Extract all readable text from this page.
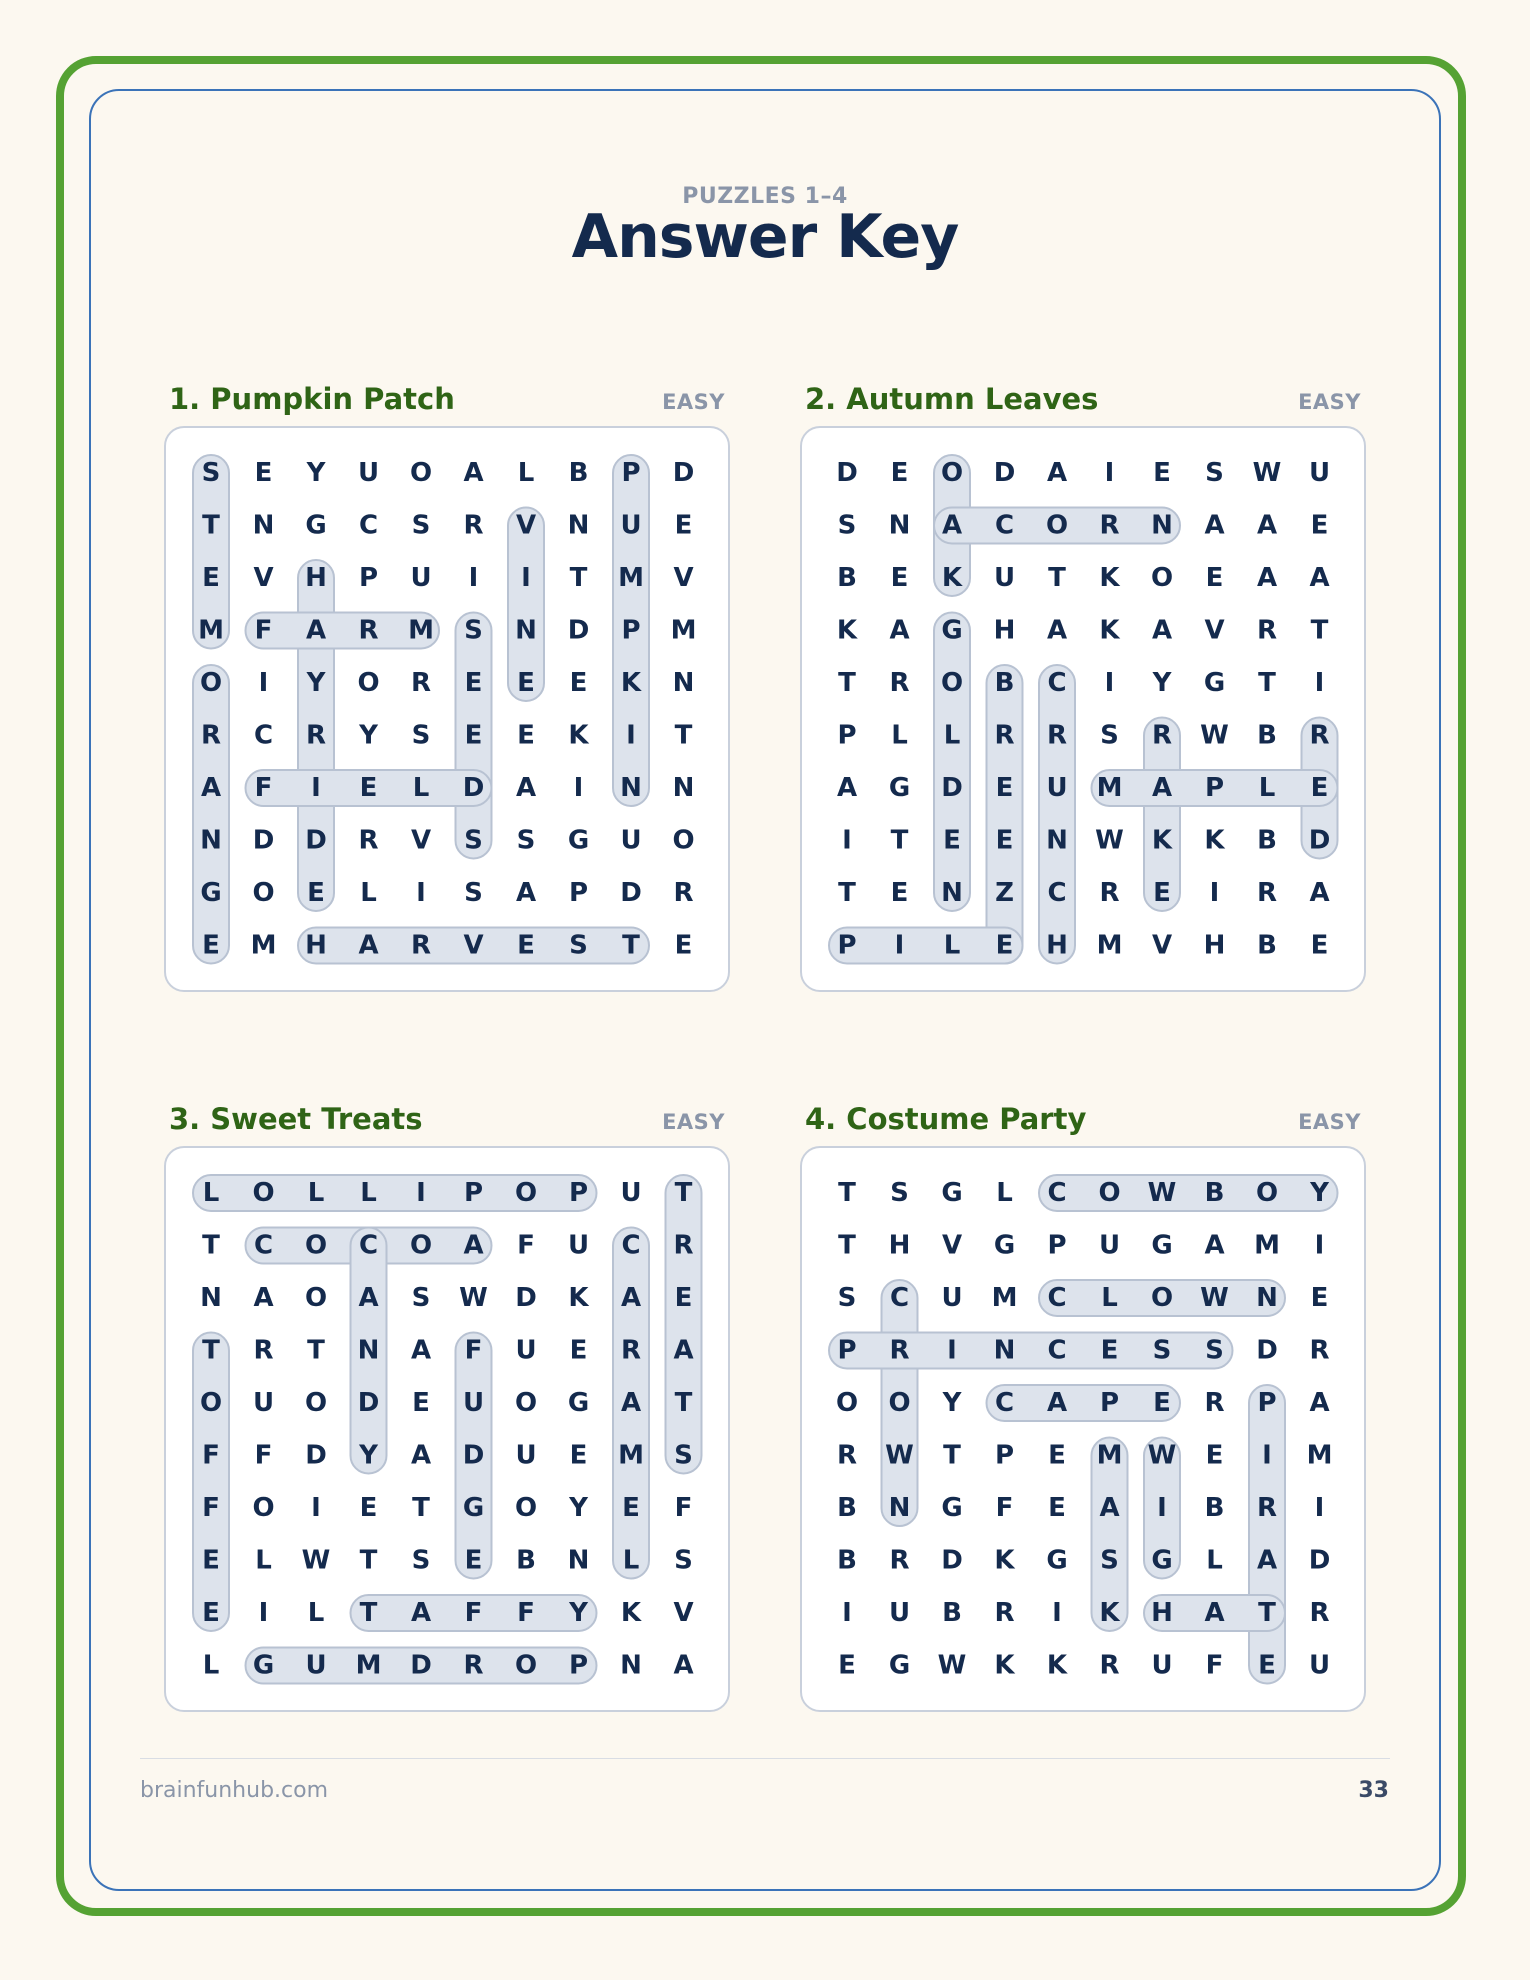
PUZZLES 1–4
Answer Key
1. Pumpkin Patch	EASY
S E Y U O A L B P D
T N G C S R V N U E
E V H P U I I T M V
M F A R M S N D P M
O I Y O R E E E K N
R C R Y S E E K I T
A F I E L D A I N N
N D D R V S S G U O
G O E L I S A P D R
E M H A R V E S T E
2. Autumn Leaves	EASY
D E O D A I E S W U
S N A C O R N A A E
B E K U T K O E A A
K A G H A K A V R T
T R O B C I Y G T I
P L L R R S R W B R
A G D E U M A P L E
I T E E N W K K B D
T E N Z C R E I R A
P I L E H M V H B E
3. Sweet Treats	EASY
L O L L I P O P U T
T C O C O A F U C R
N A O A S W D K A E
T R T N A F U E R A
O U O D E U O G A T
F F D Y A D U E M S
F O I E T G O Y E F
E L W T S E B N L S
E I L T A F F Y K V
L G U M D R O P N A
4. Costume Party	EASY
T S G L C O W B O Y
T H V G P U G A M I
S C U M C L O W N E
P R I N C E S S D R
O O Y C A P E R P A
R W T P E M W E I M
B N G F E A I B R I
B R D K G S G L A D
I U B R I K H A T R
E G W K K R U F E U
brainfunhub.com	33
